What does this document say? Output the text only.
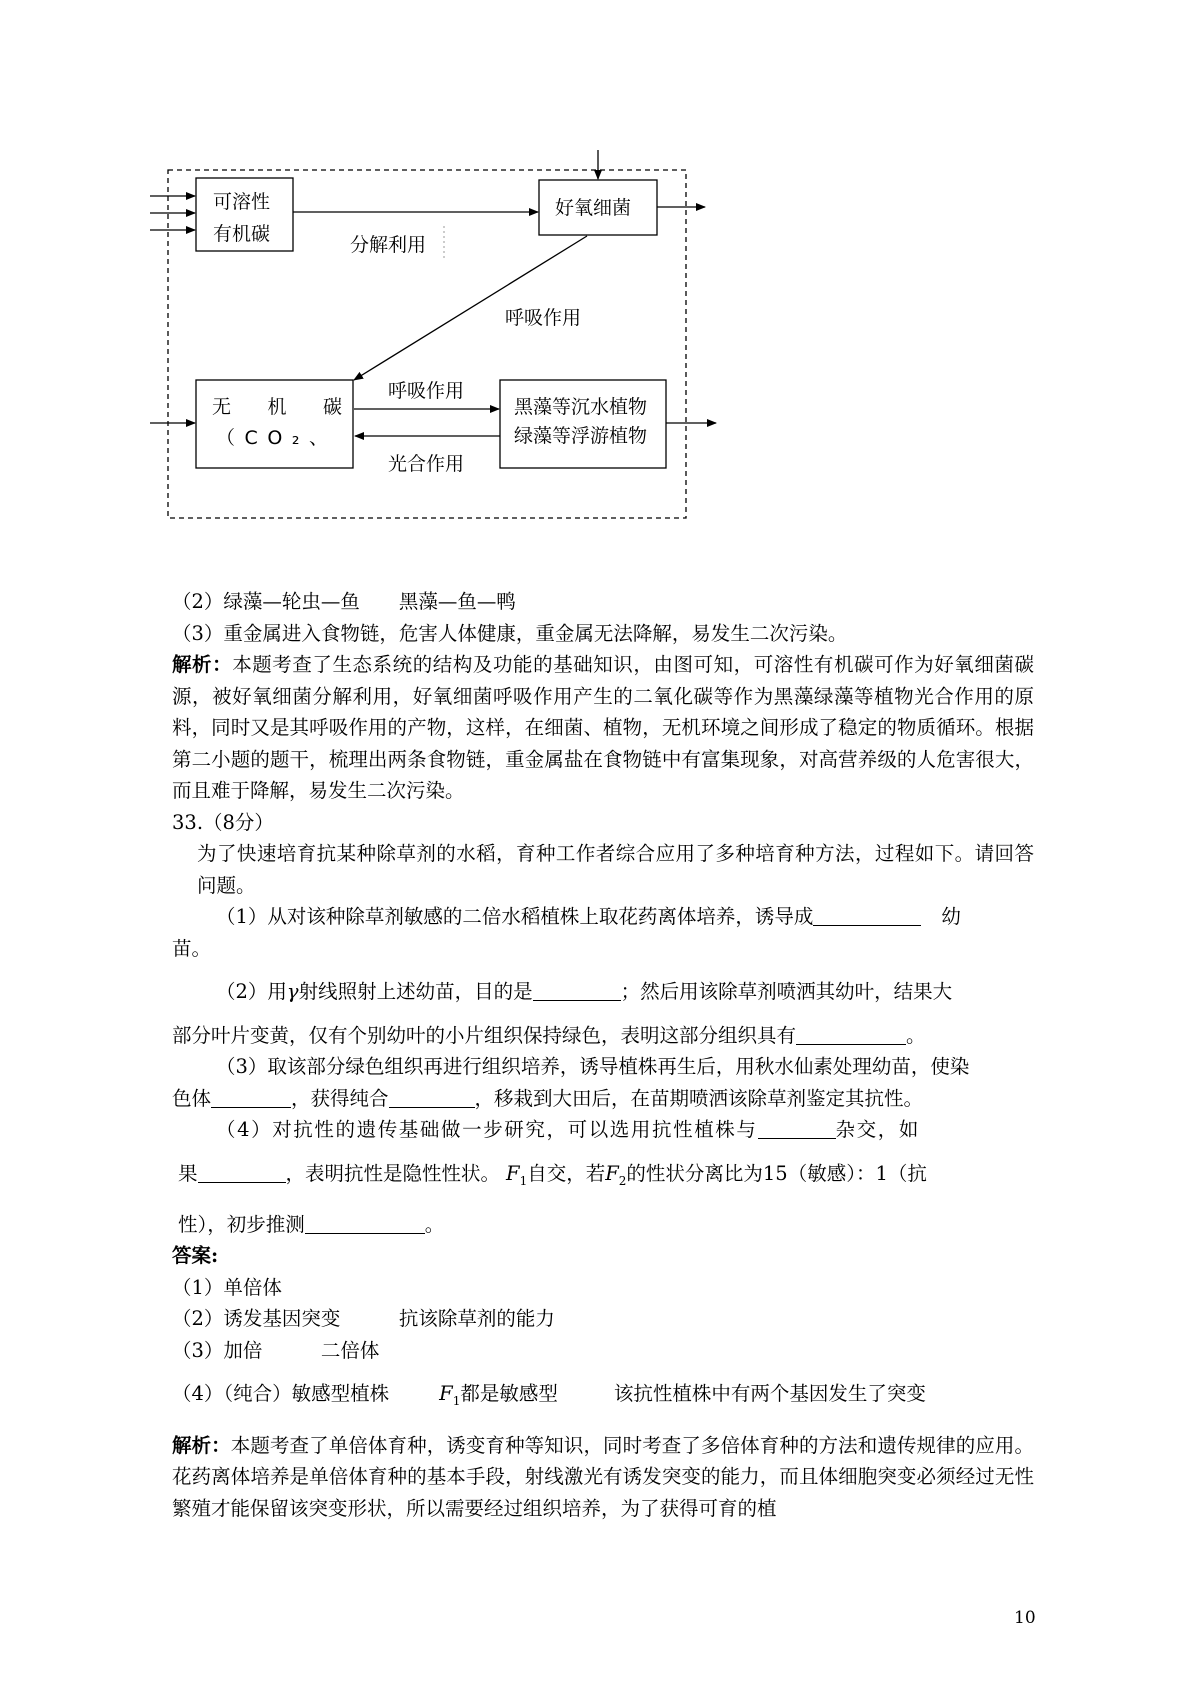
可溶性
有机碳
好氧细菌
无机碳
（CO₂、
黑藻等沉水植物
绿藻等浮游植物
分解利用
呼吸作用
呼吸作用
光合作用
（2）绿藻—轮虫—鱼　　黑藻—鱼—鸭
（3）重金属进入食物链，危害人体健康，重金属无法降解，易发生二次污染。
解析：本题考查了生态系统的结构及功能的基础知识，由图可知，可溶性有机碳可作为好氧细菌碳源，被好氧细菌分解利用，好氧细菌呼吸作用产生的二氧化碳等作为黑藻绿藻等植物光合作用的原料，同时又是其呼吸作用的产物，这样，在细菌、植物，无机环境之间形成了稳定的物质循环。根据第二小题的题干，梳理出两条食物链，重金属盐在食物链中有富集现象，对高营养级的人危害很大，而且难于降解，易发生二次污染。
33.（8分）
为了快速培育抗某种除草剂的水稻，育种工作者综合应用了多种培育种方法，过程如下。请回答问题。
（1）从对该种除草剂敏感的二倍水稻植株上取花药离体培养，诱导成	幼
苗。
（2）用γ射线照射上述幼苗，目的是	；然后用该除草剂喷洒其幼叶，结果大
部分叶片变黄，仅有个别幼叶的小片组织保持绿色，表明这部分组织具有	。
（3）取该部分绿色组织再进行组织培养，诱导植株再生后，用秋水仙素处理幼苗，使染
色体	，获得纯合	，移栽到大田后，在苗期喷洒该除草剂鉴定其抗性。
（4）对抗性的遗传基础做一步研究，可以选用抗性植株与	杂交，如
果	，表明抗性是隐性性状。 $F_1$自交，若$F_2$的性状分离比为15（敏感）：1（抗
性），初步推测	。
答案:
（1）单倍体
（2）诱发基因突变　　　抗该除草剂的能力
（3）加倍　　　二倍体
（4）（纯合）敏感型植株	$F_1$都是敏感型	该抗性植株中有两个基因发生了突变
解析：本题考查了单倍体育种，诱变育种等知识，同时考查了多倍体育种的方法和遗传规律的应用。花药离体培养是单倍体育种的基本手段，射线激光有诱发突变的能力，而且体细胞突变必须经过无性繁殖才能保留该突变形状，所以需要经过组织培养，为了获得可育的植
10
